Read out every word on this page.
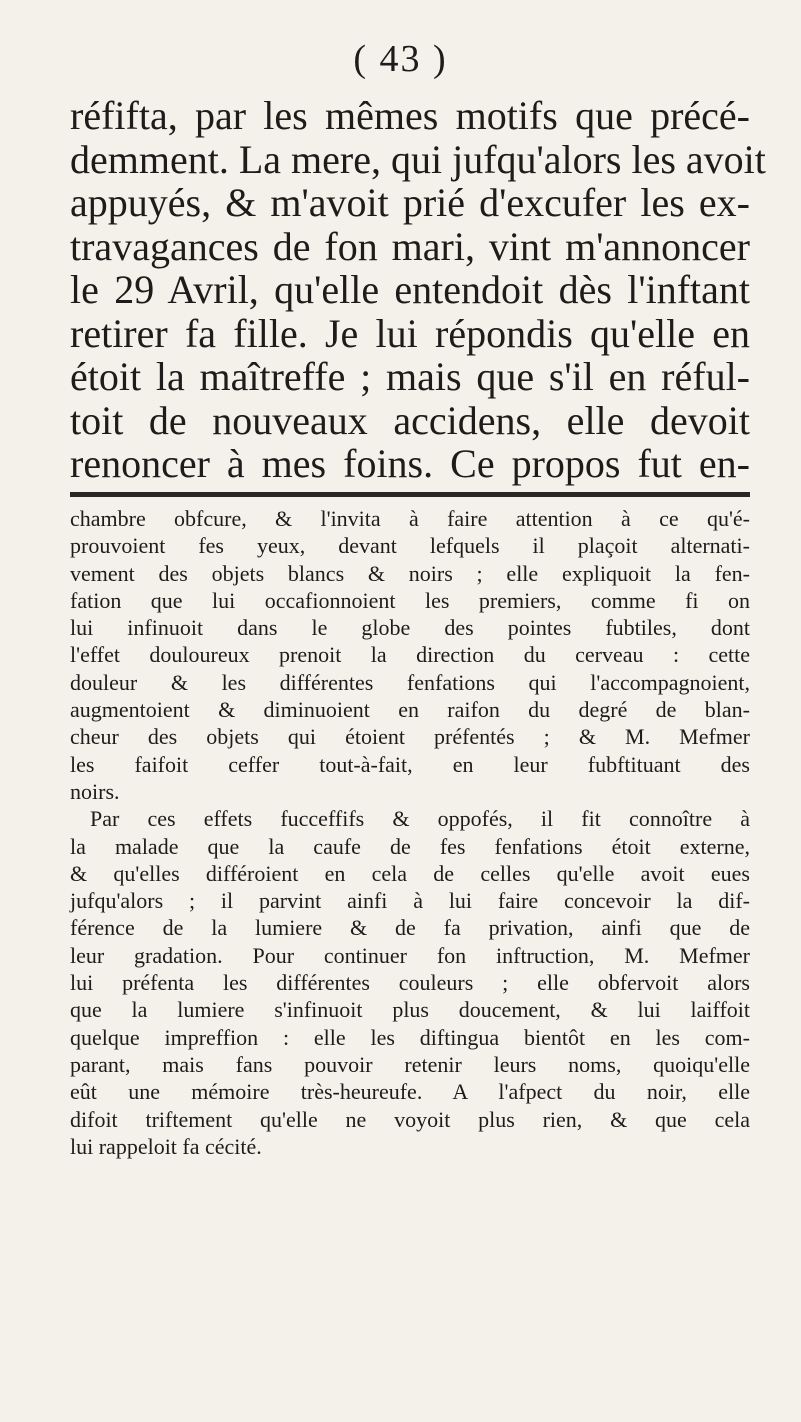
( 43 )
réfifta, par les mêmes motifs que précé-
demment. La mere, qui jufqu'alors les avoit
appuyés, & m'avoit prié d'excufer les ex-
travagances de fon mari, vint m'annoncer
le 29 Avril, qu'elle entendoit dès l'inftant
retirer fa fille. Je lui répondis qu'elle en
étoit la maîtreffe ; mais que s'il en réful-
toit de nouveaux accidens, elle devoit
renoncer à mes foins. Ce propos fut en-
chambre obfcure, & l'invita à faire attention à ce qu'é-
prouvoient fes yeux, devant lefquels il plaçoit alternati-
vement des objets blancs & noirs ; elle expliquoit la fen-
fation que lui occafionnoient les premiers, comme fi on
lui infinuoit dans le globe des pointes fubtiles, dont
l'effet douloureux prenoit la direction du cerveau : cette
douleur & les différentes fenfations qui l'accompagnoient,
augmentoient & diminuoient en raifon du degré de blan-
cheur des objets qui étoient préfentés ; & M. Mefmer
les faifoit ceffer tout-à-fait, en leur fubftituant des
noirs.
Par ces effets fucceffifs & oppofés, il fit connoître à
la malade que la caufe de fes fenfations étoit externe,
& qu'elles différoient en cela de celles qu'elle avoit eues
jufqu'alors ; il parvint ainfi à lui faire concevoir la dif-
férence de la lumiere & de fa privation, ainfi que de
leur gradation. Pour continuer fon inftruction, M. Mefmer
lui préfenta les différentes couleurs ; elle obfervoit alors
que la lumiere s'infinuoit plus doucement, & lui laiffoit
quelque impreffion : elle les diftingua bientôt en les com-
parant, mais fans pouvoir retenir leurs noms, quoiqu'elle
eût une mémoire très-heureufe. A l'afpect du noir, elle
difoit triftement qu'elle ne voyoit plus rien, & que cela
lui rappeloit fa cécité.
